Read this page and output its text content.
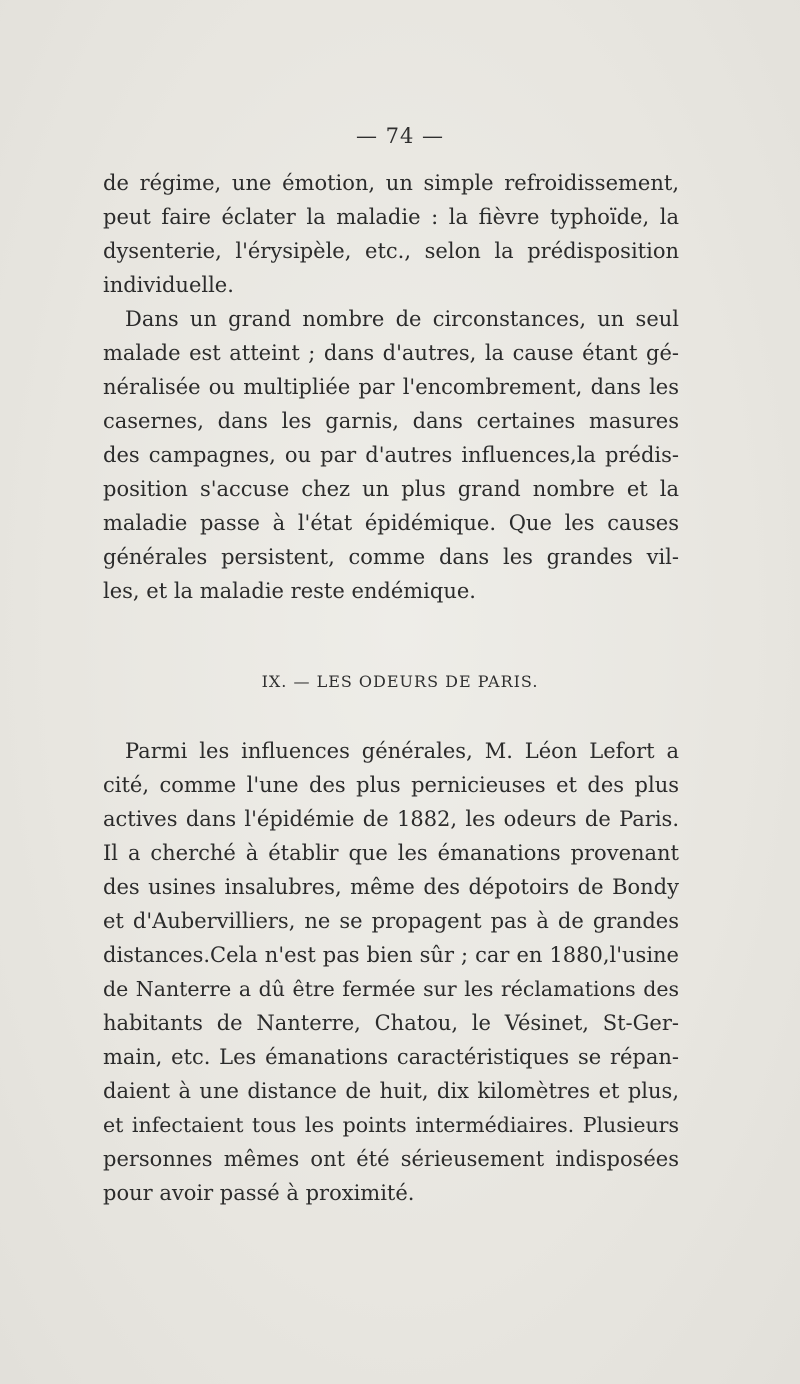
— 74 —
de régime, une émotion, un simple refroidissement,
peut faire éclater la maladie : la fièvre typhoïde, la
dysenterie, l'érysipèle, etc., selon la prédisposition
individuelle.
Dans un grand nombre de circonstances, un seul
malade est atteint ; dans d'autres, la cause étant gé-
néralisée ou multipliée par l'encombrement, dans les
casernes, dans les garnis, dans certaines masures
des campagnes, ou par d'autres influences,la prédis-
position s'accuse chez un plus grand nombre et la
maladie passe à l'état épidémique. Que les causes
générales persistent, comme dans les grandes vil-
les, et la maladie reste endémique.
IX. — LES ODEURS DE PARIS.
Parmi les influences générales, M. Léon Lefort a
cité, comme l'une des plus pernicieuses et des plus
actives dans l'épidémie de 1882, les odeurs de Paris.
Il a cherché à établir que les émanations provenant
des usines insalubres, même des dépotoirs de Bondy
et d'Aubervilliers, ne se propagent pas à de grandes
distances.Cela n'est pas bien sûr ; car en 1880,l'usine
de Nanterre a dû être fermée sur les réclamations des
habitants de Nanterre, Chatou, le Vésinet, St-Ger-
main, etc. Les émanations caractéristiques se répan-
daient à une distance de huit, dix kilomètres et plus,
et infectaient tous les points intermédiaires. Plusieurs
personnes mêmes ont été sérieusement indisposées
pour avoir passé à proximité.
